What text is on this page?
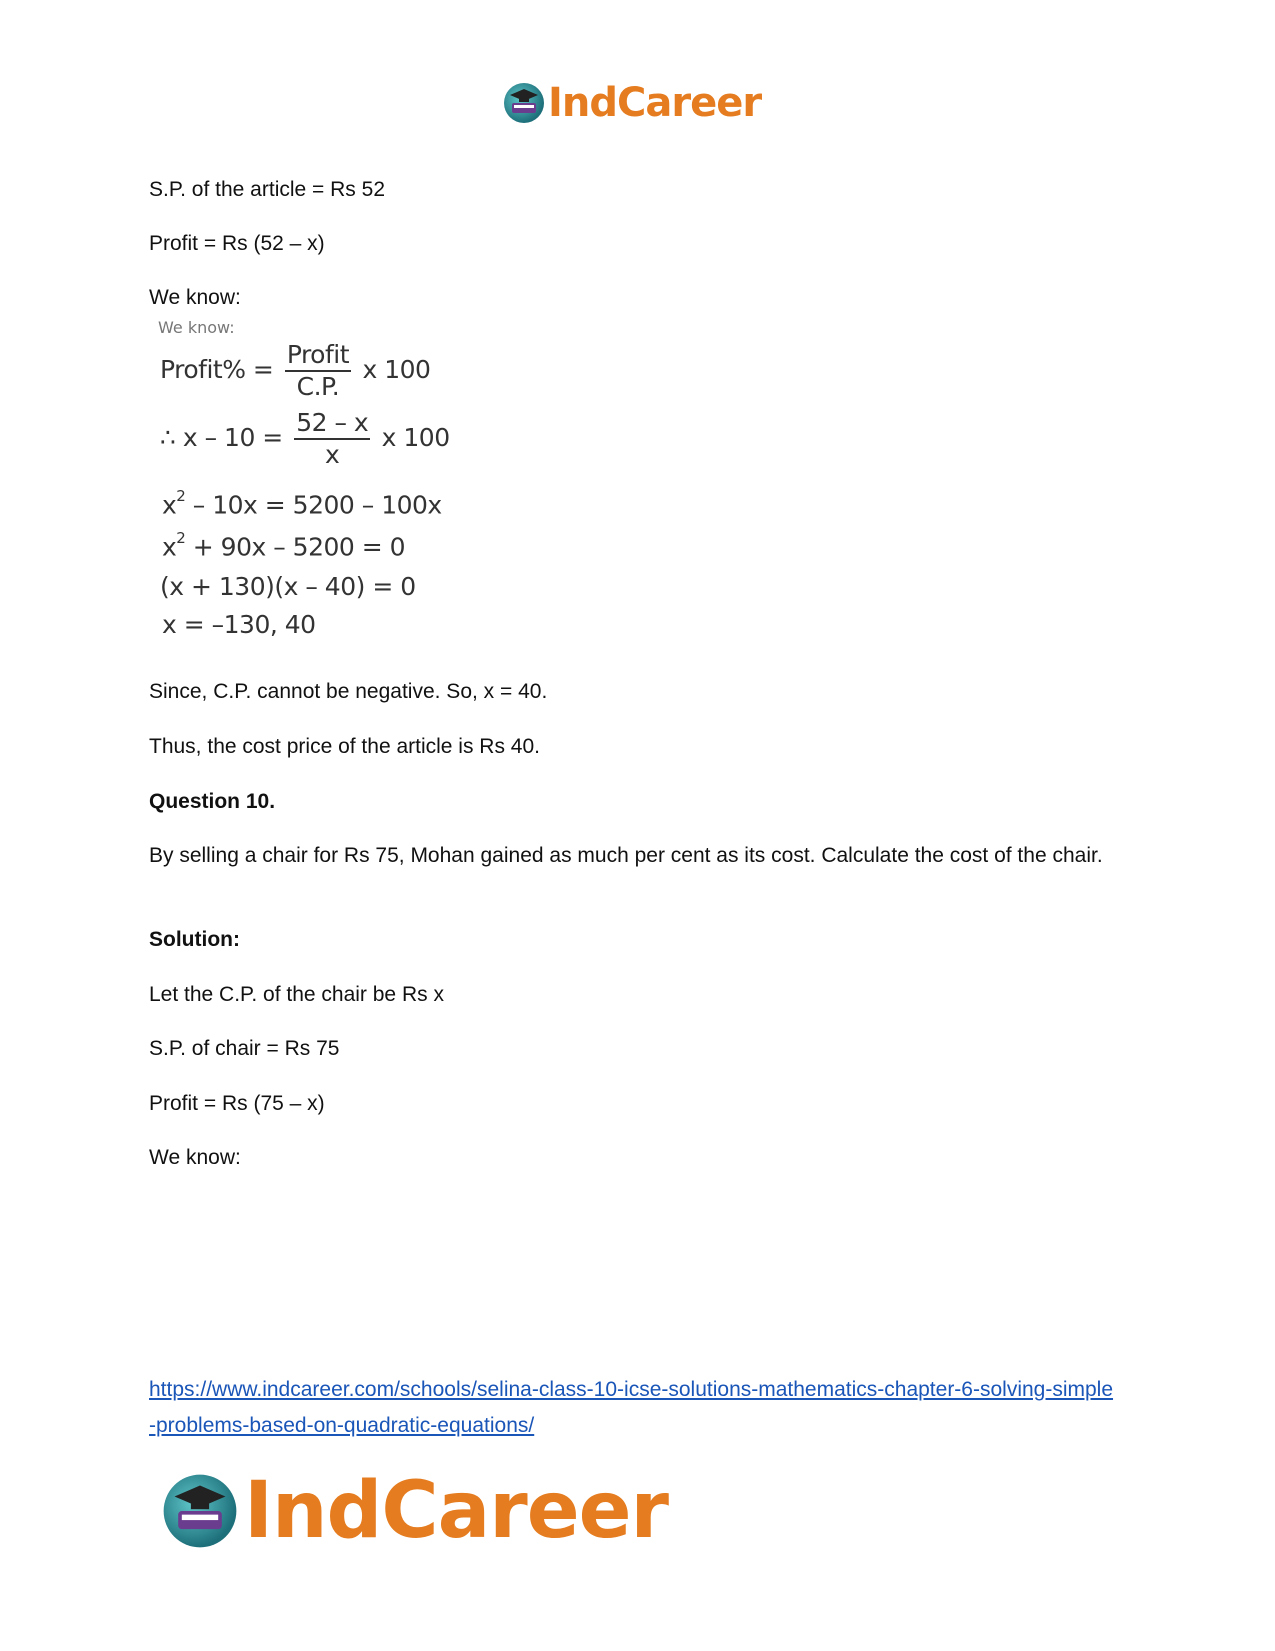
IndCareer
S.P. of the article = Rs 52
Profit = Rs (52 – x)
We know:
We know:
Profit% = $\frac{\text{Profit}}{C.P.}$ x 100
∴ $x - 10 = \frac{52 - x}{x}$ x 100
$x^2 - 10x = 5200 - 100x$
$x^2 + 90x - 5200 = 0$
(x + 130)(x – 40) = 0
x = –130, 40
Since, C.P. cannot be negative. So, x = 40.
Thus, the cost price of the article is Rs 40.
Question 10.
By selling a chair for Rs 75, Mohan gained as much per cent as its cost. Calculate the cost of the chair.
Solution:
Let the C.P. of the chair be Rs x
S.P. of chair = Rs 75
Profit = Rs (75 – x)
We know:
https://www.indcareer.com/schools/selina-class-10-icse-solutions-mathematics-chapter-6-solving-simple-problems-based-on-quadratic-equations/
IndCareer
